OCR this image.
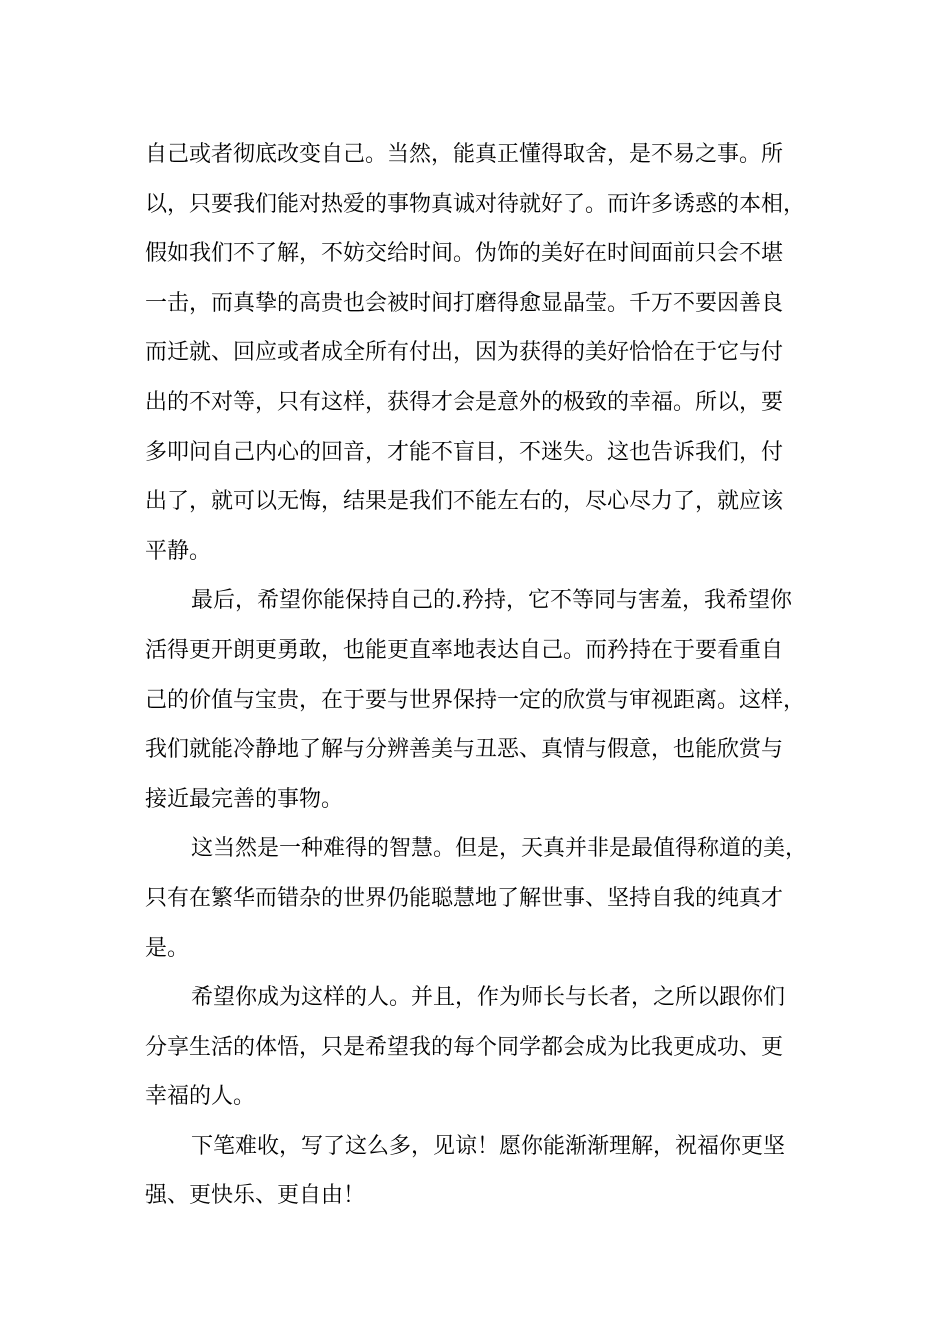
自己或者彻底改变自己。当然，能真正懂得取舍，是不易之事。所
以，只要我们能对热爱的事物真诚对待就好了。而许多诱惑的本相，
假如我们不了解，不妨交给时间。伪饰的美好在时间面前只会不堪
一击，而真挚的高贵也会被时间打磨得愈显晶莹。千万不要因善良
而迁就、回应或者成全所有付出，因为获得的美好恰恰在于它与付
出的不对等，只有这样，获得才会是意外的极致的幸福。所以，要
多叩问自己内心的回音，才能不盲目，不迷失。这也告诉我们，付
出了，就可以无悔，结果是我们不能左右的，尽心尽力了，就应该
平静。
最后，希望你能保持自己的.矜持，它不等同与害羞，我希望你
活得更开朗更勇敢，也能更直率地表达自己。而矜持在于要看重自
己的价值与宝贵，在于要与世界保持一定的欣赏与审视距离。这样，
我们就能冷静地了解与分辨善美与丑恶、真情与假意，也能欣赏与
接近最完善的事物。
这当然是一种难得的智慧。但是，天真并非是最值得称道的美，
只有在繁华而错杂的世界仍能聪慧地了解世事、坚持自我的纯真才
是。
希望你成为这样的人。并且，作为师长与长者，之所以跟你们
分享生活的体悟，只是希望我的每个同学都会成为比我更成功、更
幸福的人。
下笔难收，写了这么多，见谅！愿你能渐渐理解，祝福你更坚
强、更快乐、更自由！
